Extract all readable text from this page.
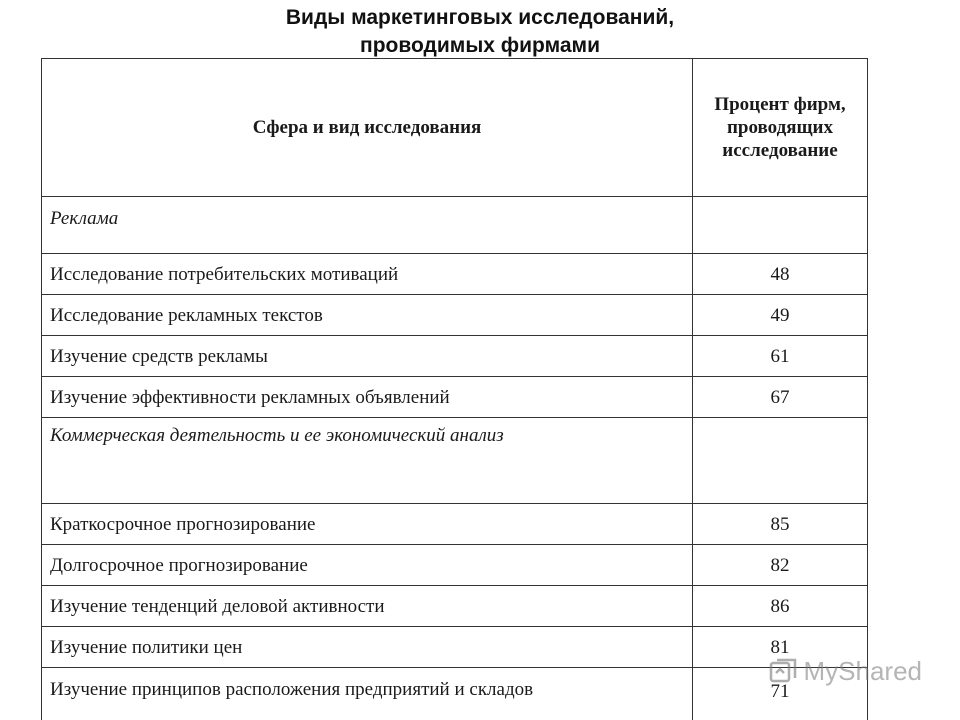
Виды маркетинговых исследований,
проводимых фирмами
Сфера и вид исследования	Процент фирм, проводящих исследование
Реклама	
Исследование потребительских мотиваций	48
Исследование рекламных текстов	49
Изучение средств рекламы	61
Изучение эффективности рекламных объявлений	67
Коммерческая деятельность и ее экономический анализ	
Краткосрочное прогнозирование	85
Долгосрочное прогнозирование	82
Изучение тенденций деловой активности	86
Изучение политики цен	81
Изучение принципов расположения предприятий и складов	71
MyShared
